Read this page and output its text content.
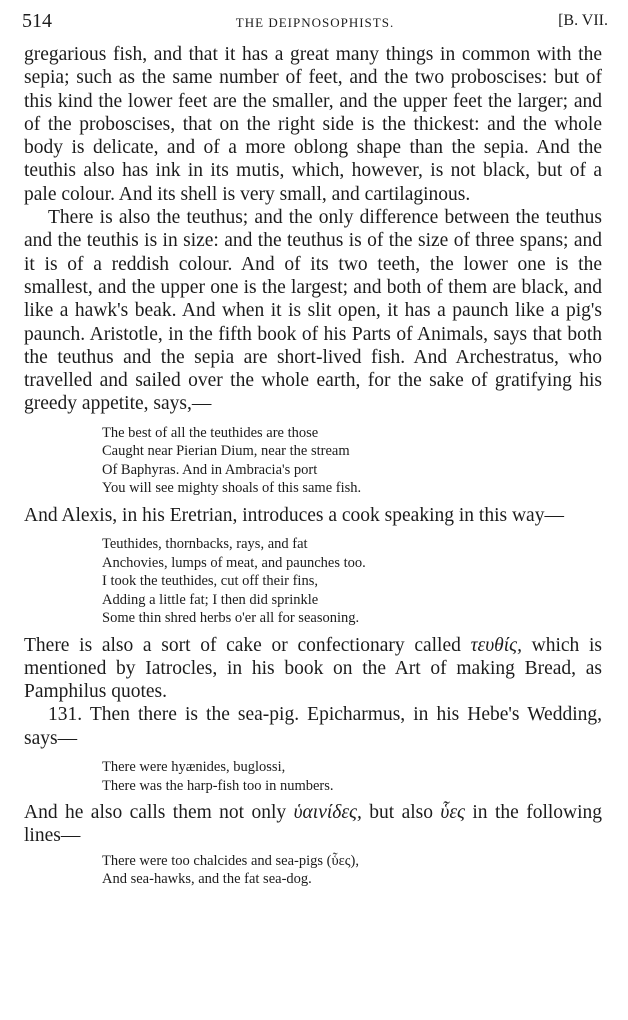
514	THE DEIPNOSOPHISTS.	[B. VII.

gregarious fish, and that it has a great many things in common with the sepia; such as the same number of feet, and the two proboscises: but of this kind the lower feet are the smaller, and the upper feet the larger; and of the proboscises, that on the right side is the thickest: and the whole body is delicate, and of a more oblong shape than the sepia. And the teuthis also has ink in its mutis, which, however, is not black, but of a pale colour. And its shell is very small, and cartilaginous.

There is also the teuthus; and the only difference between the teuthus and the teuthis is in size: and the teuthus is of the size of three spans; and it is of a reddish colour. And of its two teeth, the lower one is the smallest, and the upper one is the largest; and both of them are black, and like a hawk's beak. And when it is slit open, it has a paunch like a pig's paunch. Aristotle, in the fifth book of his Parts of Animals, says that both the teuthus and the sepia are short-lived fish. And Archestratus, who travelled and sailed over the whole earth, for the sake of gratifying his greedy appetite, says,—

The best of all the teuthides are those
Caught near Pierian Dium, near the stream
Of Baphyras. And in Ambracia's port
You will see mighty shoals of this same fish.

And Alexis, in his Eretrian, introduces a cook speaking in this way—

Teuthides, thornbacks, rays, and fat
Anchovies, lumps of meat, and paunches too.
I took the teuthides, cut off their fins,
Adding a little fat; I then did sprinkle
Some thin shred herbs o'er all for seasoning.

There is also a sort of cake or confectionary called τευθίς, which is mentioned by Iatrocles, in his book on the Art of making Bread, as Pamphilus quotes.

131. Then there is the sea-pig. Epicharmus, in his Hebe's Wedding, says—

There were hyænides, buglossi,
There was the harp-fish too in numbers.

And he also calls them not only ὑαινίδες, but also ὗες in the following lines—

There were too chalcides and sea-pigs (ὗες),
And sea-hawks, and the fat sea-dog.
